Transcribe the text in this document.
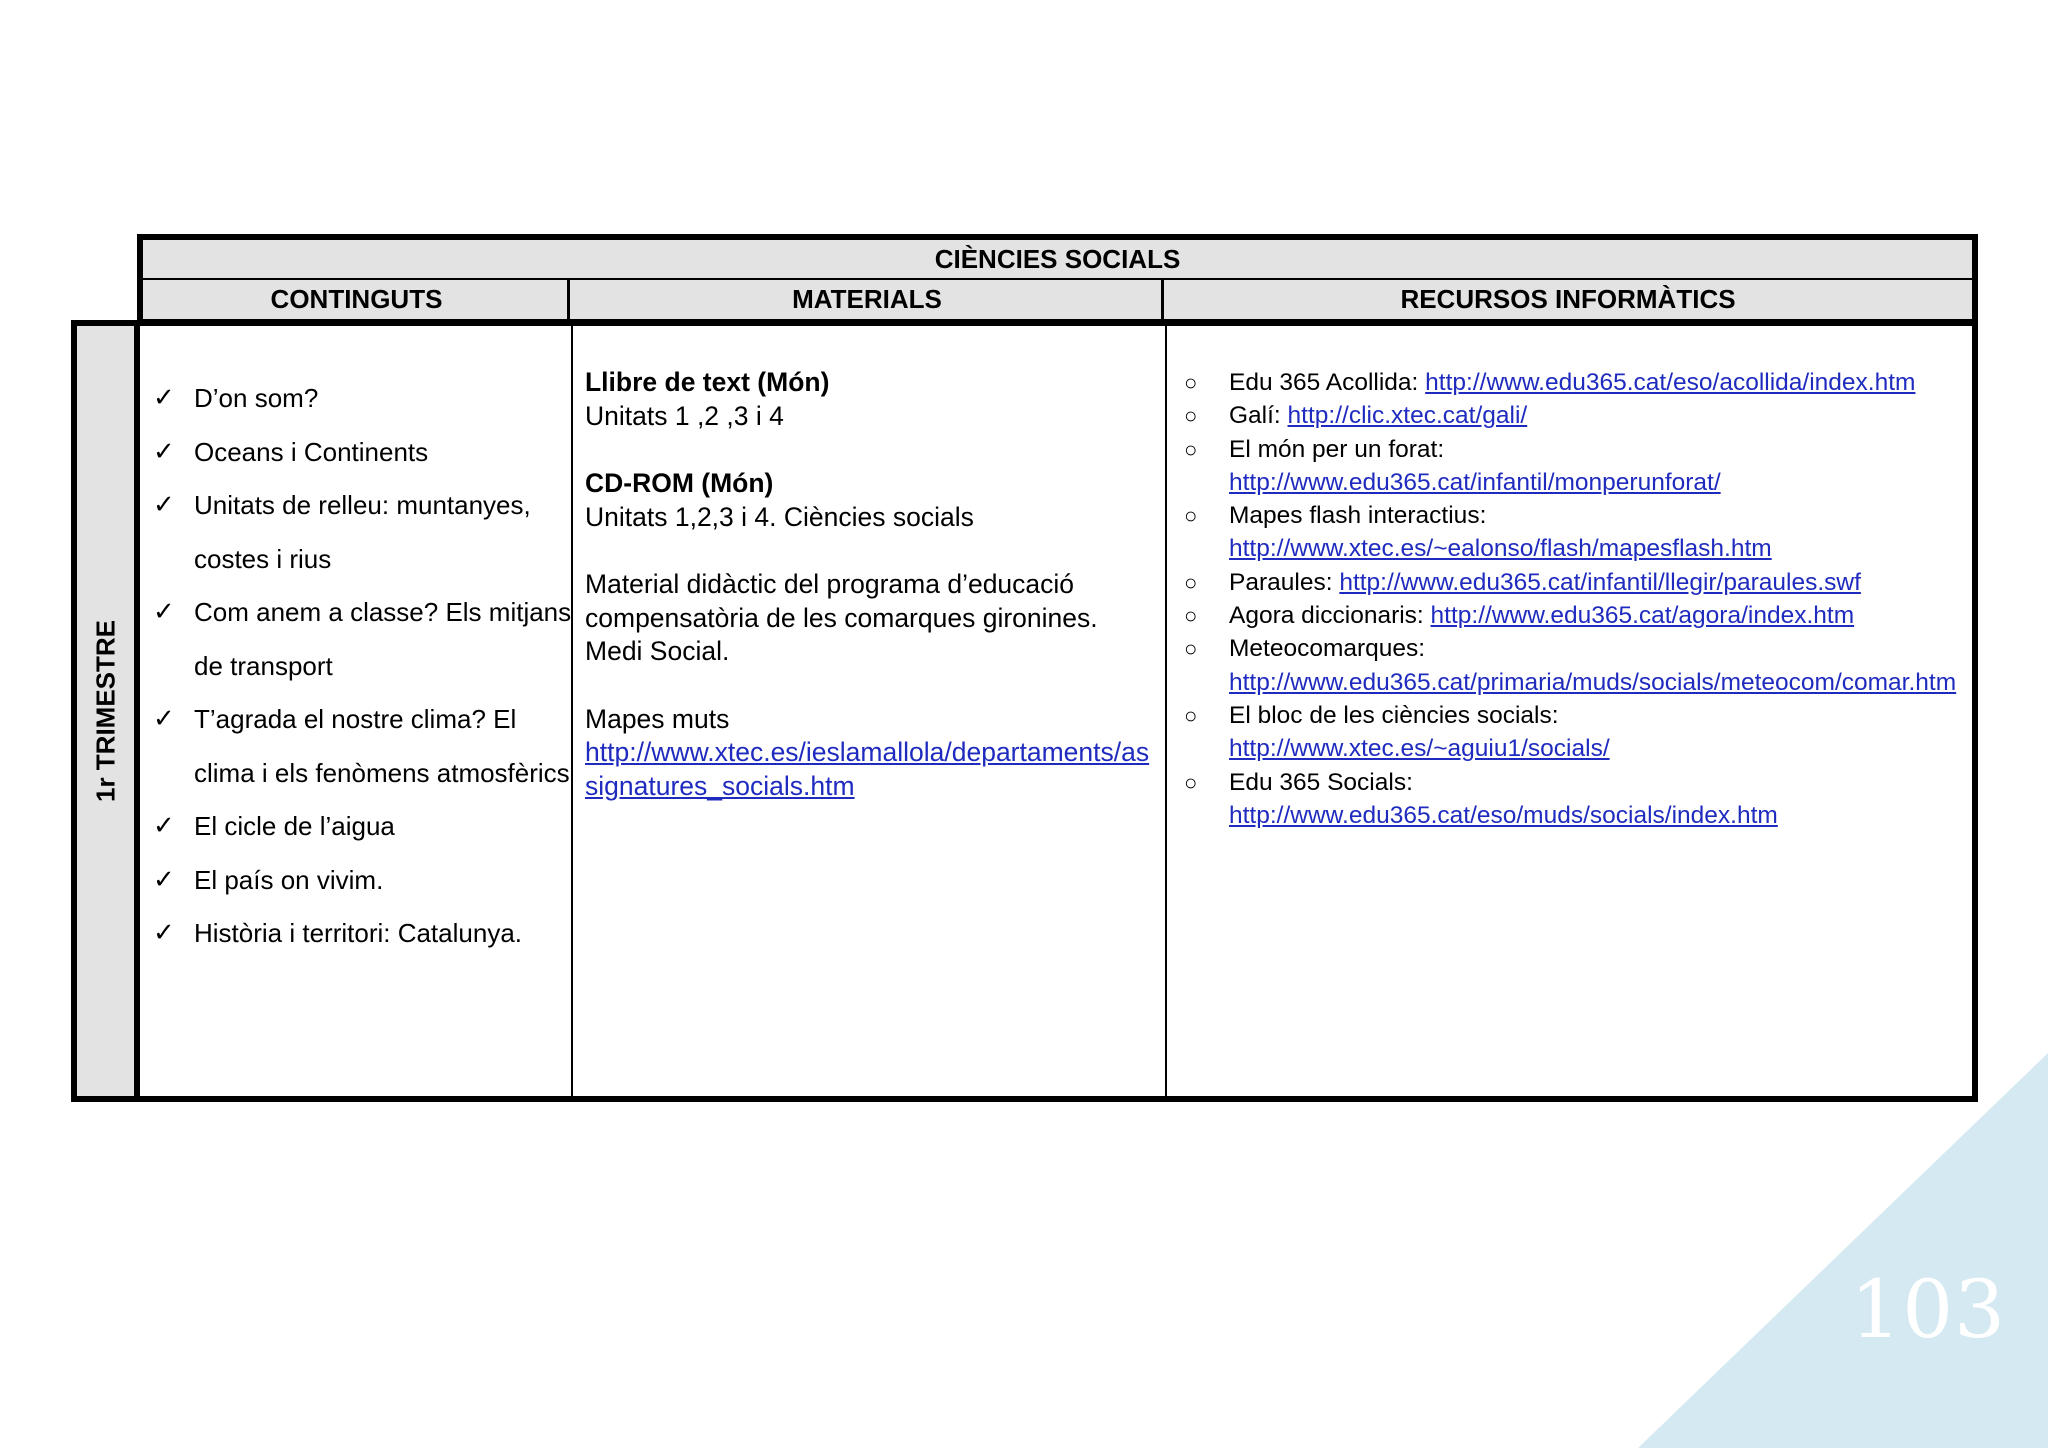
103
CIÈNCIES SOCIALS
CONTINGUTS	MATERIALS	RECURSOS INFORMÀTICS
1r TRIMESTRE
✓ D’on som?
✓ Oceans i Continents
✓ Unitats de relleu: muntanyes, costes i rius
✓ Com anem a classe? Els mitjans de transport
✓ T’agrada el nostre clima? El clima i els fenòmens atmosfèrics
✓ El cicle de l’aigua
✓ El país on vivim.
✓ Història i territori: Catalunya.
Llibre de text (Món)
Unitats 1 ,2 ,3 i 4
CD-ROM (Món)
Unitats 1,2,3 i 4. Ciències socials
Material didàctic del programa d’educació compensatòria de les comarques gironines. Medi Social.
Mapes muts
http://www.xtec.es/ieslamallola/departaments/assignatures_socials.htm
○ Edu 365 Acollida: http://www.edu365.cat/eso/acollida/index.htm
○ Galí: http://clic.xtec.cat/gali/
○ El món per un forat:
http://www.edu365.cat/infantil/monperunforat/
○ Mapes flash interactius:
http://www.xtec.es/~ealonso/flash/mapesflash.htm
○ Paraules: http://www.edu365.cat/infantil/llegir/paraules.swf
○ Agora diccionaris: http://www.edu365.cat/agora/index.htm
○ Meteocomarques:
http://www.edu365.cat/primaria/muds/socials/meteocom/comar.htm
○ El bloc de les ciències socials:
http://www.xtec.es/~aguiu1/socials/
○ Edu 365 Socials:
http://www.edu365.cat/eso/muds/socials/index.htm
